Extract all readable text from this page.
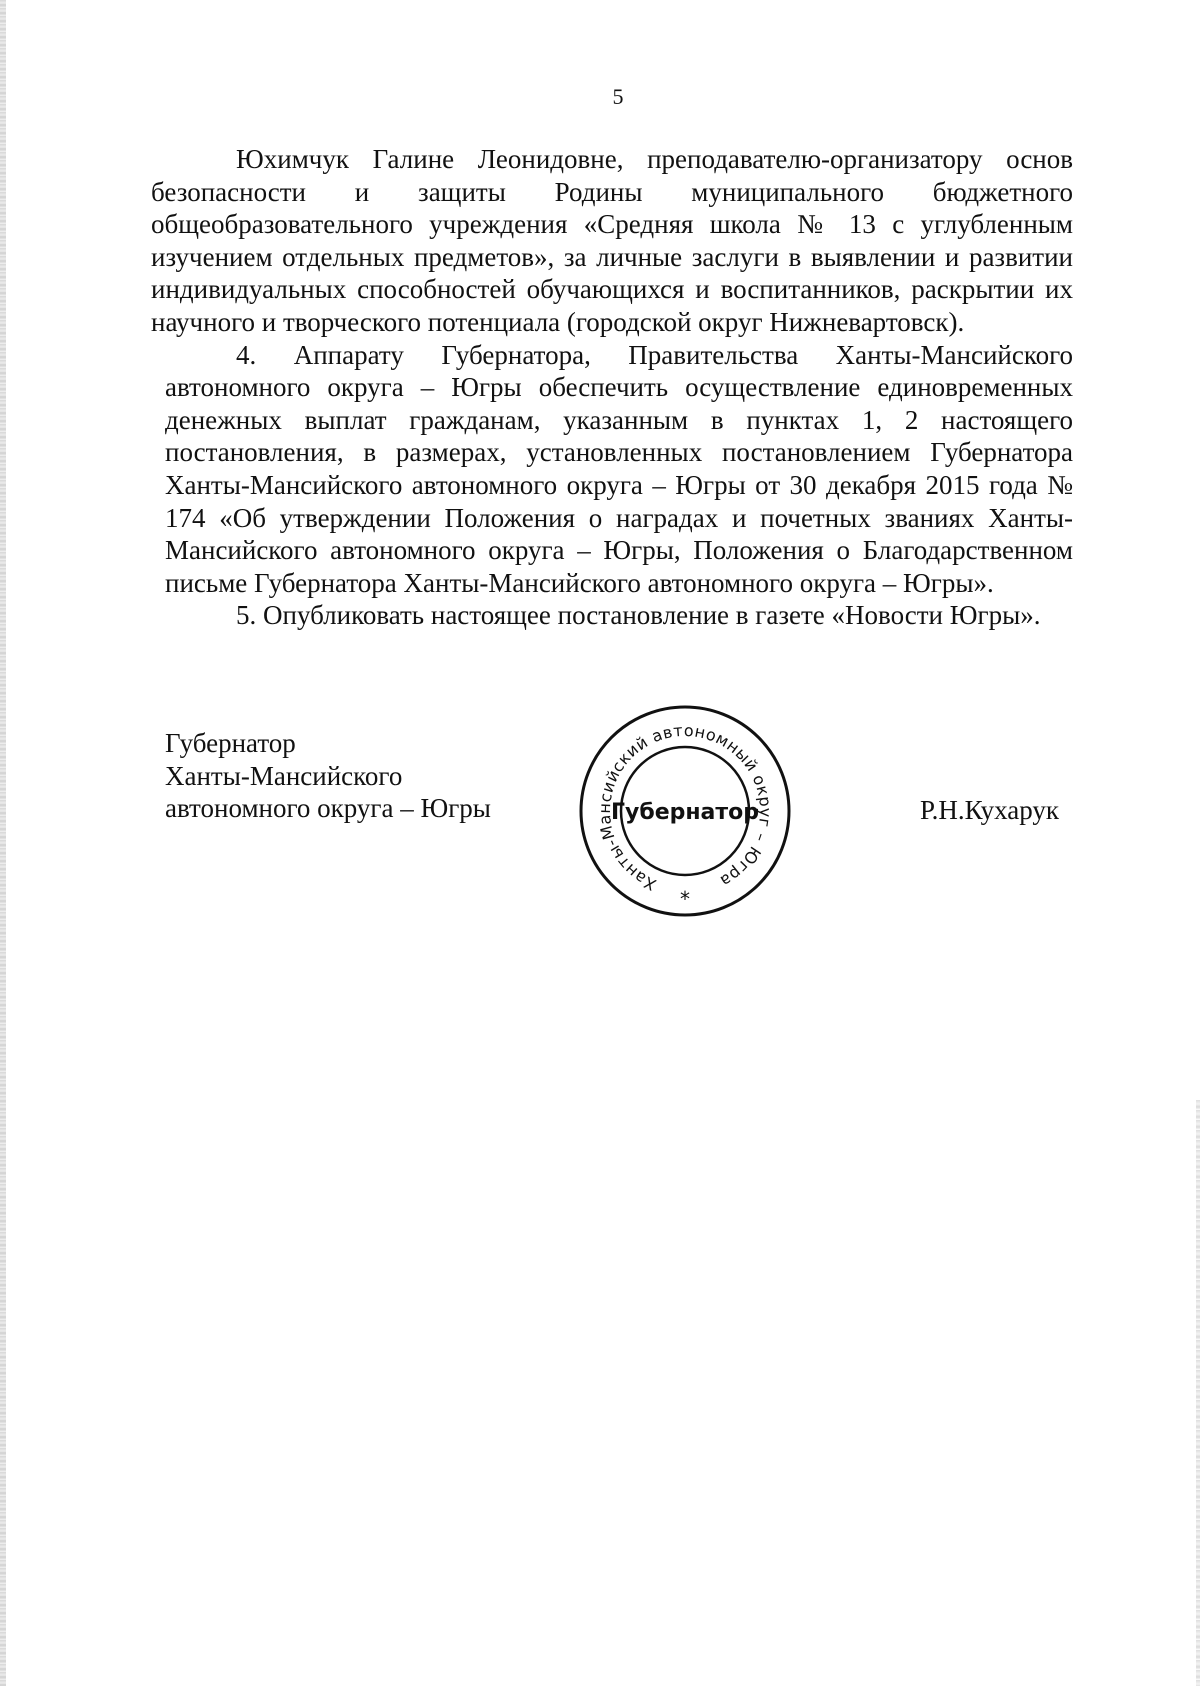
5

Юхимчук Галине Леонидовне, преподавателю-организатору основ безопасности и защиты Родины муниципального бюджетного общеобразовательного учреждения «Средняя школа № 13 с углубленным изучением отдельных предметов», за личные заслуги в выявлении и развитии индивидуальных способностей обучающихся и воспитанников, раскрытии их научного и творческого потенциала (городской округ Нижневартовск).

4. Аппарату Губернатора, Правительства Ханты-Мансийского автономного округа – Югры обеспечить осуществление единовременных денежных выплат гражданам, указанным в пунктах 1, 2 настоящего постановления, в размерах, установленных постановлением Губернатора Ханты-Мансийского автономного округа – Югры от 30 декабря 2015 года № 174 «Об утверждении Положения о наградах и почетных званиях Ханты-Мансийского автономного округа – Югры, Положения о Благодарственном письме Губернатора Ханты-Мансийского автономного округа – Югры».

5. Опубликовать настоящее постановление в газете «Новости Югры».

Губернатор
Ханты-Мансийского
автономного округа – Югры
Ханты-Мансийский автономный округ – Югра
Губернатор
*
Р.Н.Кухарук
